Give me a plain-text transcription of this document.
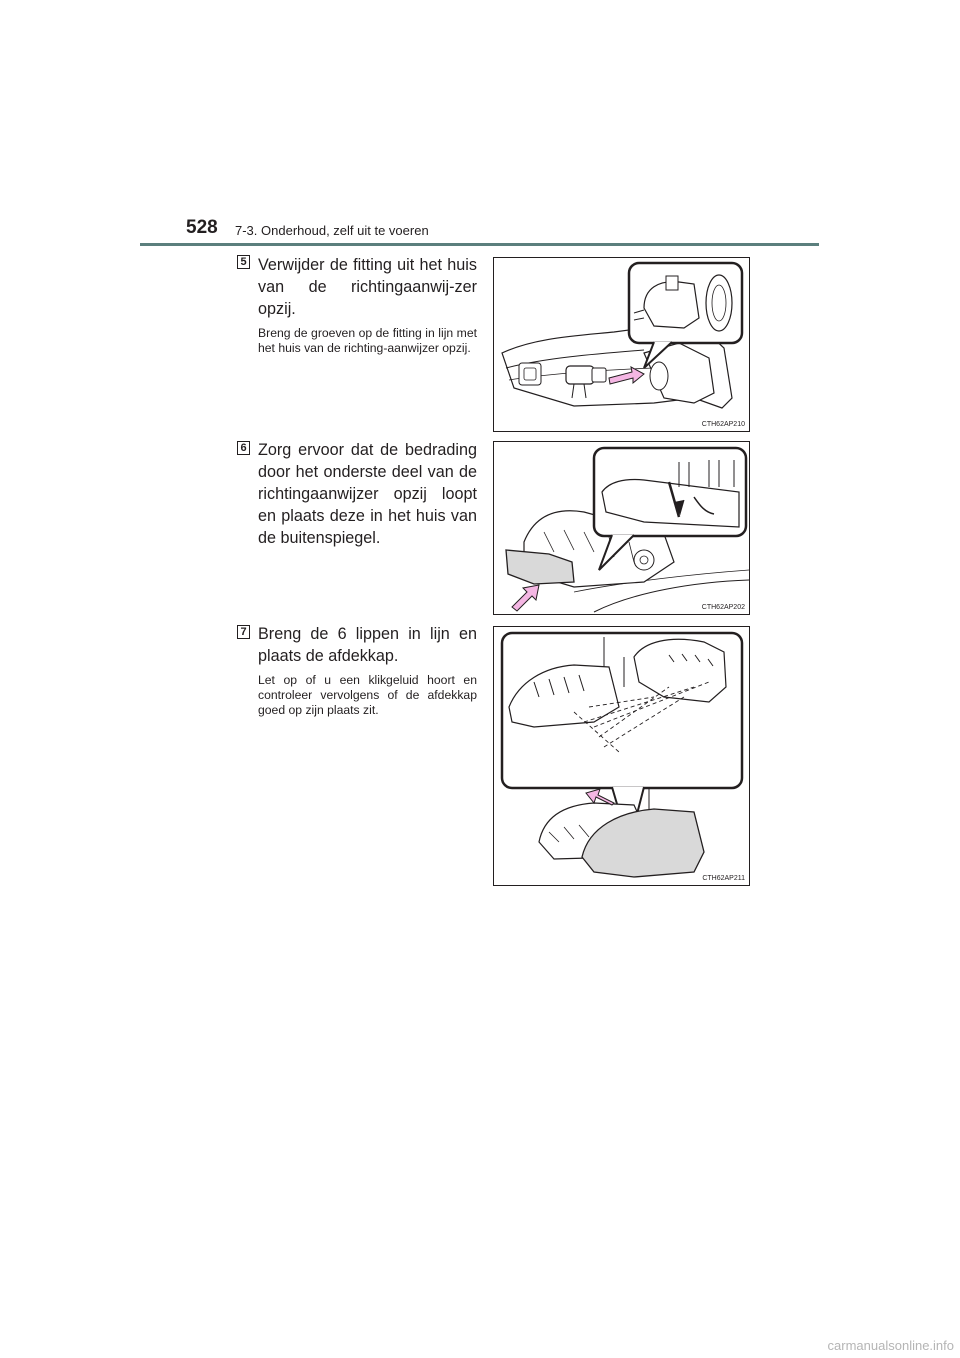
528 7-3. Onderhoud, zelf uit te voeren
5 Verwijder de fitting uit het huis van de richtingaanwij-zer opzij.
Breng de groeven op de fitting in lijn met het huis van de richting-aanwijzer opzij.
CTH62AP210
6 Zorg ervoor dat de bedrading door het onderste deel van de richtingaanwijzer opzij loopt en plaats deze in het huis van de buitenspiegel.
CTH62AP202
7 Breng de 6 lippen in lijn en plaats de afdekkap.
Let op of u een klikgeluid hoort en controleer vervolgens of de afdekkap goed op zijn plaats zit.
CTH62AP211
carmanualsonline.info
